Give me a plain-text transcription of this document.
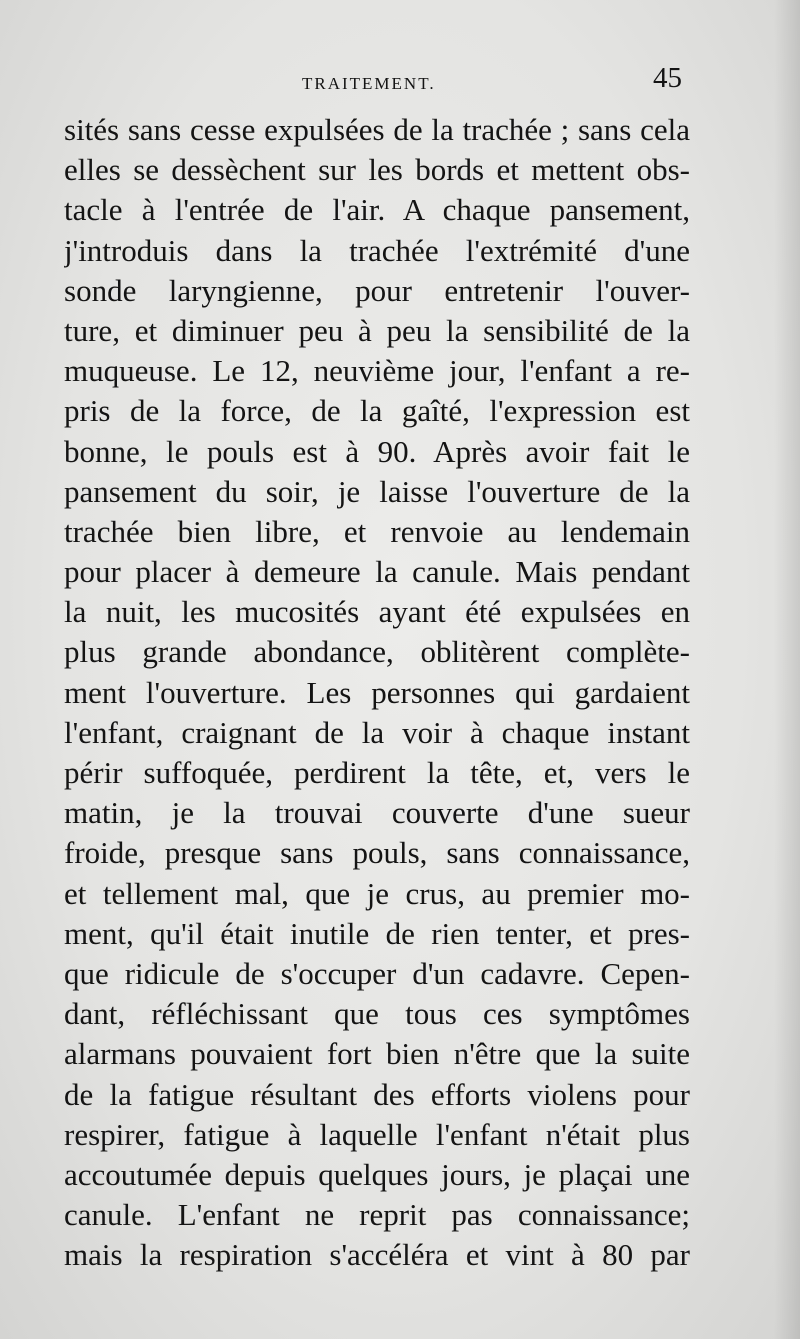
TRAITEMENT.	45
sités sans cesse expulsées de la trachée ; sans cela
elles se dessèchent sur les bords et mettent obs-
tacle à l'entrée de l'air. A chaque pansement,
j'introduis dans la trachée l'extrémité d'une
sonde laryngienne, pour entretenir l'ouver-
ture, et diminuer peu à peu la sensibilité de la
muqueuse. Le 12, neuvième jour, l'enfant a re-
pris de la force, de la gaîté, l'expression est
bonne, le pouls est à 90. Après avoir fait le
pansement du soir, je laisse l'ouverture de la
trachée bien libre, et renvoie au lendemain
pour placer à demeure la canule. Mais pendant
la nuit, les mucosités ayant été expulsées en
plus grande abondance, oblitèrent complète-
ment l'ouverture. Les personnes qui gardaient
l'enfant, craignant de la voir à chaque instant
périr suffoquée, perdirent la tête, et, vers le
matin, je la trouvai couverte d'une sueur
froide, presque sans pouls, sans connaissance,
et tellement mal, que je crus, au premier mo-
ment, qu'il était inutile de rien tenter, et pres-
que ridicule de s'occuper d'un cadavre. Cepen-
dant, réfléchissant que tous ces symptômes
alarmans pouvaient fort bien n'être que la suite
de la fatigue résultant des efforts violens pour
respirer, fatigue à laquelle l'enfant n'était plus
accoutumée depuis quelques jours, je plaçai une
canule. L'enfant ne reprit pas connaissance;
mais la respiration s'accéléra et vint à 80 par
